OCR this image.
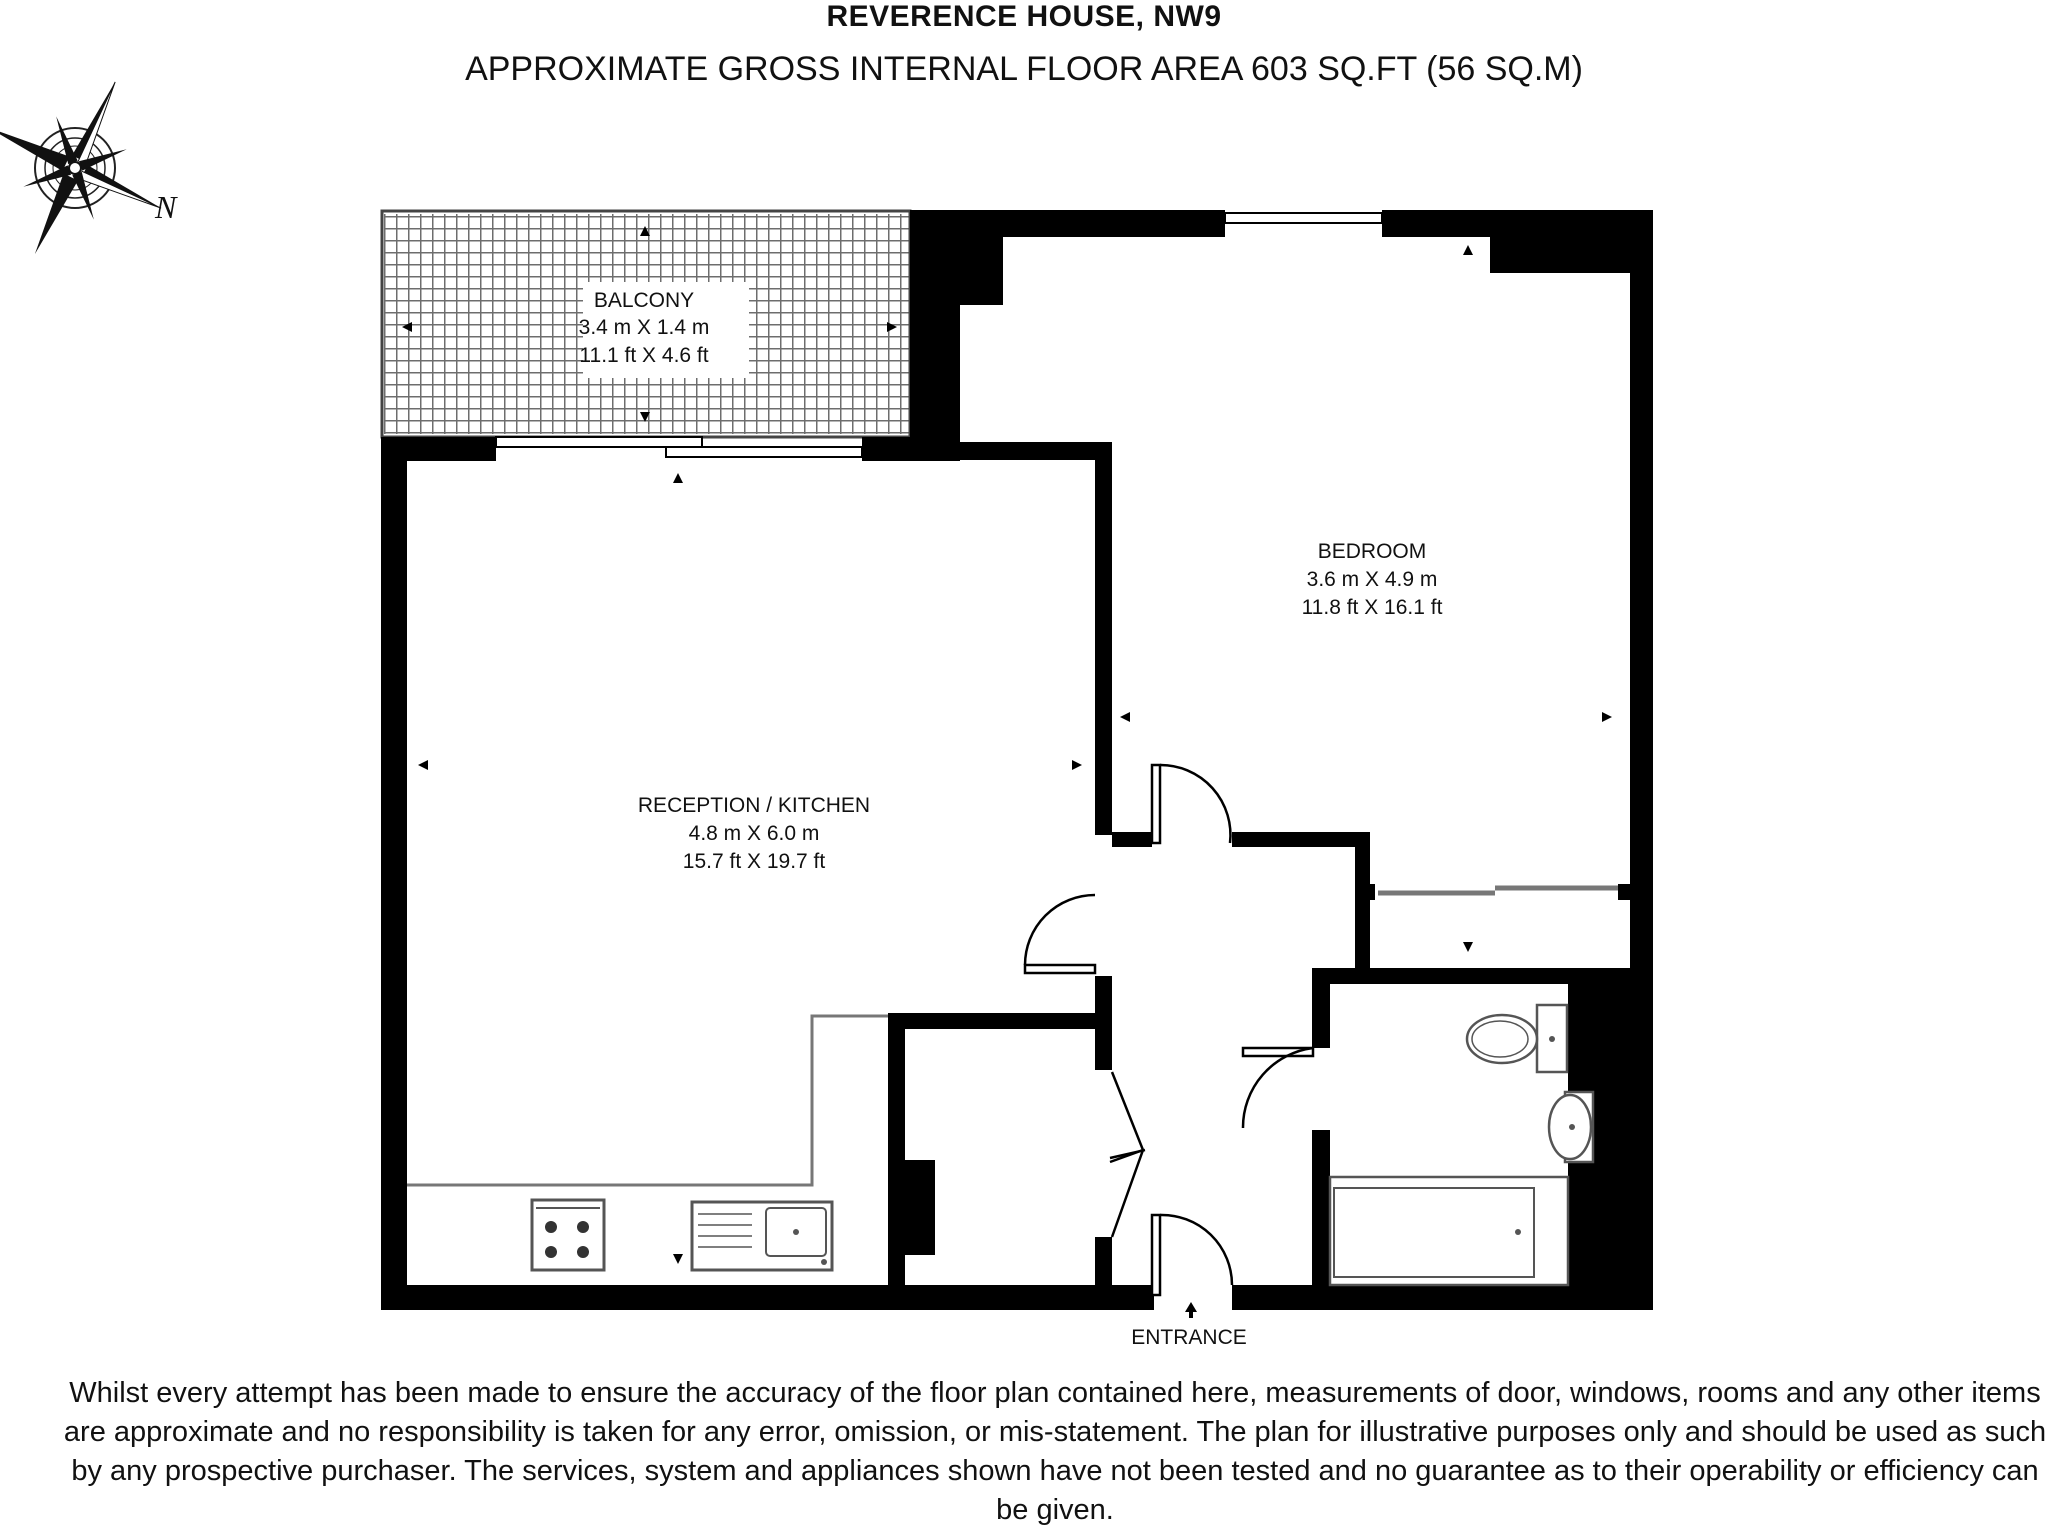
REVERENCE HOUSE, NW9
APPROXIMATE GROSS INTERNAL FLOOR AREA 603 SQ.FT (56 SQ.M)
N
BALCONY
3.4 m X 1.4 m
11.1 ft X 4.6 ft
BEDROOM
3.6 m X 4.9 m
11.8 ft X 16.1 ft
RECEPTION / KITCHEN
4.8 m X 6.0 m
15.7 ft X 19.7 ft
ENTRANCE
Whilst every attempt has been made to ensure the accuracy of the floor plan contained here, measurements of door, windows, rooms and any other items are approximate and no responsibility is taken for any error, omission, or mis-statement. The plan for illustrative purposes only and should be used as such by any prospective purchaser. The services, system and appliances shown have not been tested and no guarantee as to their operability or efficiency can be given.
